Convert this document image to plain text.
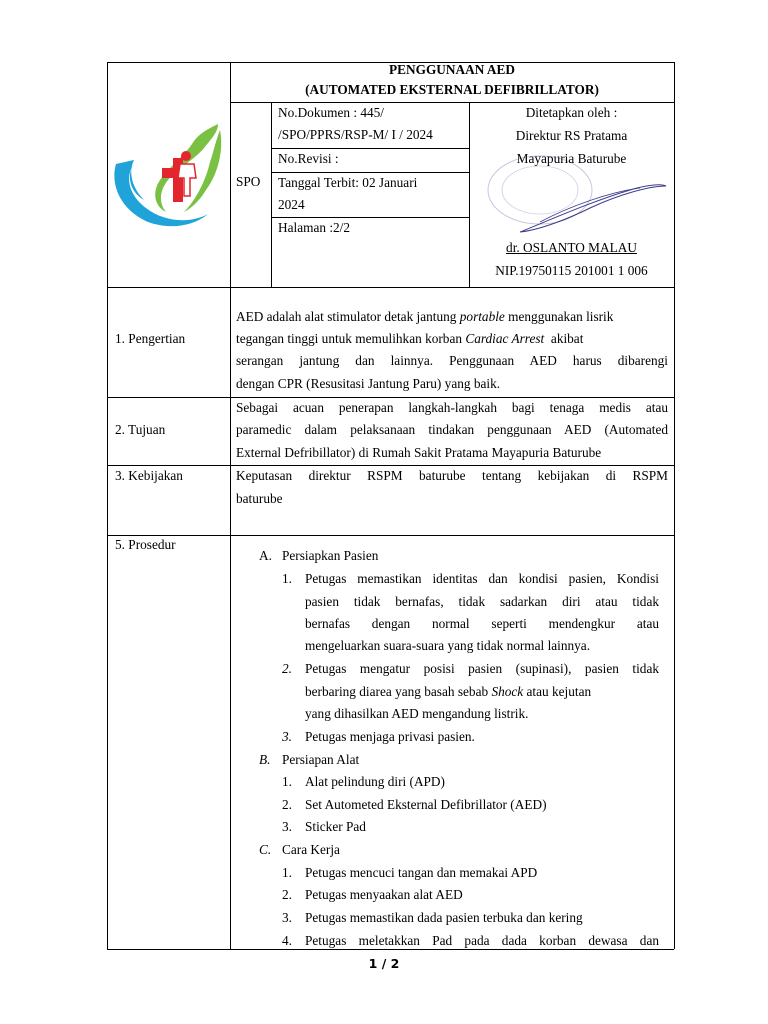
PENGGUNAAN AED
(AUTOMATED EKSTERNAL DEFIBRILLATOR)
SPO
No.Dokumen : 445/
/SPO/PPRS/RSP-M/ I / 2024
No.Revisi :
Tanggal Terbit: 02 Januari
2024
Halaman :2/2
Ditetapkan oleh :
Direktur RS Pratama
Mayapuria Baturube
dr. OSLANTO MALAU
NIP.19750115 201001 1 006
1. Pengertian
AED adalah alat stimulator detak jantung portable menggunakan lisrik
tegangan tinggi untuk memulihkan korban Cardiac Arrest  akibat
serangan jantung dan lainnya. Penggunaan AED harus dibarengi
dengan CPR (Resusitasi Jantung Paru) yang baik.
2. Tujuan
Sebagai acuan penerapan langkah-langkah bagi tenaga medis atau
paramedic dalam pelaksanaan tindakan penggunaan AED (Automated
External Defribillator) di Rumah Sakit Pratama Mayapuria Baturube
3. Kebijakan	Keputasan direktur RSPM baturube tentang kebijakan di RSPM
baturube
5. Prosedur
A. Persiapkan Pasien
1. Petugas memastikan identitas dan kondisi pasien, Kondisi
pasien tidak bernafas, tidak sadarkan diri atau tidak
bernafas dengan normal seperti mendengkur atau
mengeluarkan suara-suara yang tidak normal lainnya.
2. Petugas mengatur posisi pasien (supinasi), pasien tidak
berbaring diarea yang basah sebab Shock atau kejutan
yang dihasilkan AED mengandung listrik.
3. Petugas menjaga privasi pasien.
B. Persiapan Alat
1. Alat pelindung diri (APD)
2. Set Autometed Eksternal Defibrillator (AED)
3. Sticker Pad
C. Cara Kerja
1. Petugas mencuci tangan dan memakai APD
2. Petugas menyaakan alat AED
3. Petugas memastikan dada pasien terbuka dan kering
4. Petugas meletakkan Pad pada dada korban dewasa dan
1 / 2
